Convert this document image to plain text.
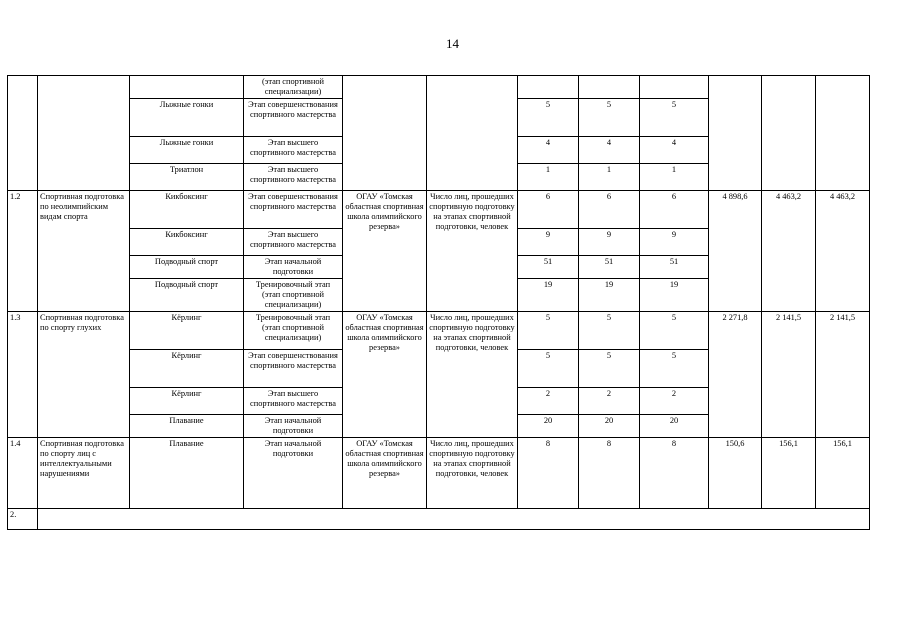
14
			(этап спортивной специализации)								
		Лыжные гонки	Этап совершенствования спортивного мастерства			5	5	5			
		Лыжные гонки	Этап высшего спортивного мастерства			4	4	4			
		Триатлон	Этап высшего спортивного мастерства			1	1	1			
1.2	Спортивная подготовка по неолимпийским видам спорта	Кикбоксинг	Этап совершенствования спортивного мастерства	ОГАУ «Томская областная спортивная школа олимпийского резерва»	Число лиц, прошедших спортивную подготовку на этапах спортивной подготовки, человек	6	6	6	4 898,6	4 463,2	4 463,2
		Кикбоксинг	Этап высшего спортивного мастерства			9	9	9			
		Подводный спорт	Этап начальной подготовки			51	51	51			
		Подводный спорт	Тренировочный этап (этап спортивной специализации)			19	19	19			
1.3	Спортивная подготовка по спорту глухих	Кёрлинг	Тренировочный этап (этап спортивной специализации)	ОГАУ «Томская областная спортивная школа олимпийского резерва»	Число лиц, прошедших спортивную подготовку на этапах спортивной подготовки, человек	5	5	5	2 271,8	2 141,5	2 141,5
		Кёрлинг	Этап совершенствования спортивного мастерства			5	5	5			
		Кёрлинг	Этап высшего спортивного мастерства			2	2	2			
		Плавание	Этап начальной подготовки			20	20	20			
1.4	Спортивная подготовка по спорту лиц с интеллектуальными нарушениями	Плавание	Этап начальной подготовки	ОГАУ «Томская областная спортивная школа олимпийского резерва»	Число лиц, прошедших спортивную подготовку на этапах спортивной подготовки, человек	8	8	8	150,6	156,1	156,1
2.											
